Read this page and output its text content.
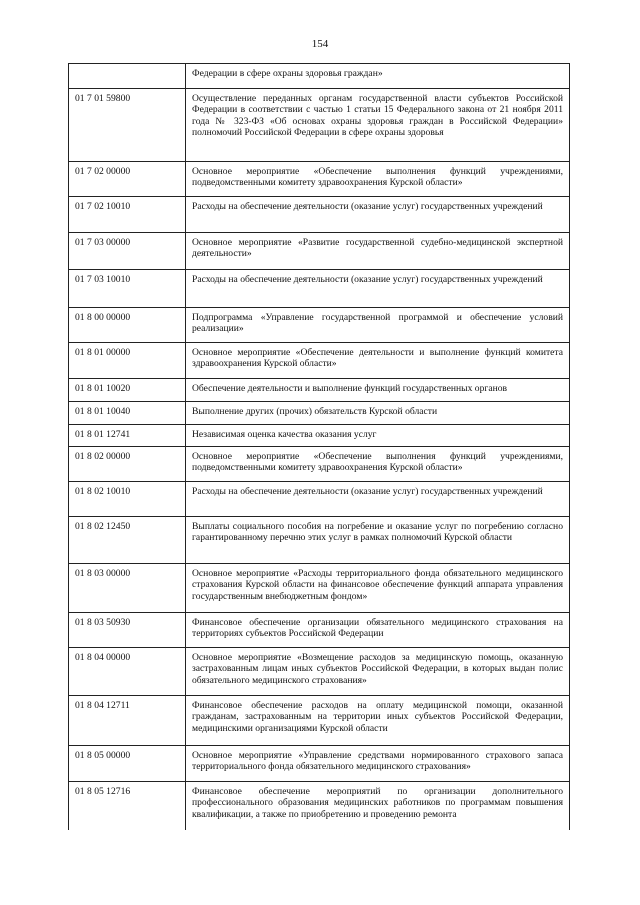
154
	Федерации в сфере охраны здоровья граждан»
01 7 01 59800	Осуществление переданных органам государственной власти субъектов Российской Федерации в соответствии с частью 1 статьи 15 Федерального закона от 21 ноября 2011 года № 323-ФЗ «Об основах охраны здоровья граждан в Российской Федерации» полномочий Российской Федерации в сфере охраны здоровья
01 7 02 00000	Основное мероприятие «Обеспечение выполнения функций учреждениями, подведомственными комитету здравоохранения Курской области»
01 7 02 10010	Расходы на обеспечение деятельности (оказание услуг) государственных учреждений
01 7 03 00000	Основное мероприятие «Развитие государственной судебно-медицинской экспертной деятельности»
01 7 03 10010	Расходы на обеспечение деятельности (оказание услуг) государственных учреждений
01 8 00 00000	Подпрограмма «Управление государственной программой и обеспечение условий реализации»
01 8 01 00000	Основное мероприятие «Обеспечение деятельности и выполнение функций комитета здравоохранения Курской области»
01 8 01 10020	Обеспечение деятельности и выполнение функций государственных органов
01 8 01 10040	Выполнение других (прочих) обязательств Курской области
01 8 01 12741	Независимая оценка качества оказания услуг
01 8 02 00000	Основное мероприятие «Обеспечение выполнения функций учреждениями, подведомственными комитету здравоохранения Курской области»
01 8 02 10010	Расходы на обеспечение деятельности (оказание услуг) государственных учреждений
01 8 02 12450	Выплаты социального пособия на погребение и оказание услуг по погребению согласно гарантированному перечню этих услуг в рамках полномочий Курской области
01 8 03 00000	Основное мероприятие «Расходы территориального фонда обязательного медицинского страхования Курской области на финансовое обеспечение функций аппарата управления государственным внебюджетным фондом»
01 8 03 50930	Финансовое обеспечение организации обязательного медицинского страхования на территориях субъектов Российской Федерации
01 8 04 00000	Основное мероприятие «Возмещение расходов за медицинскую помощь, оказанную застрахованным лицам иных субъектов Российской Федерации, в которых выдан полис обязательного медицинского страхования»
01 8 04 12711	Финансовое обеспечение расходов на оплату медицинской помощи, оказанной гражданам, застрахованным на территории иных субъектов Российской Федерации, медицинскими организациями Курской области
01 8 05 00000	Основное мероприятие «Управление средствами нормированного страхового запаса территориального фонда обязательного медицинского страхования»
01 8 05 12716	Финансовое обеспечение мероприятий по организации дополнительного профессионального образования медицинских работников по программам повышения квалификации, а также по приобретению и проведению ремонта
